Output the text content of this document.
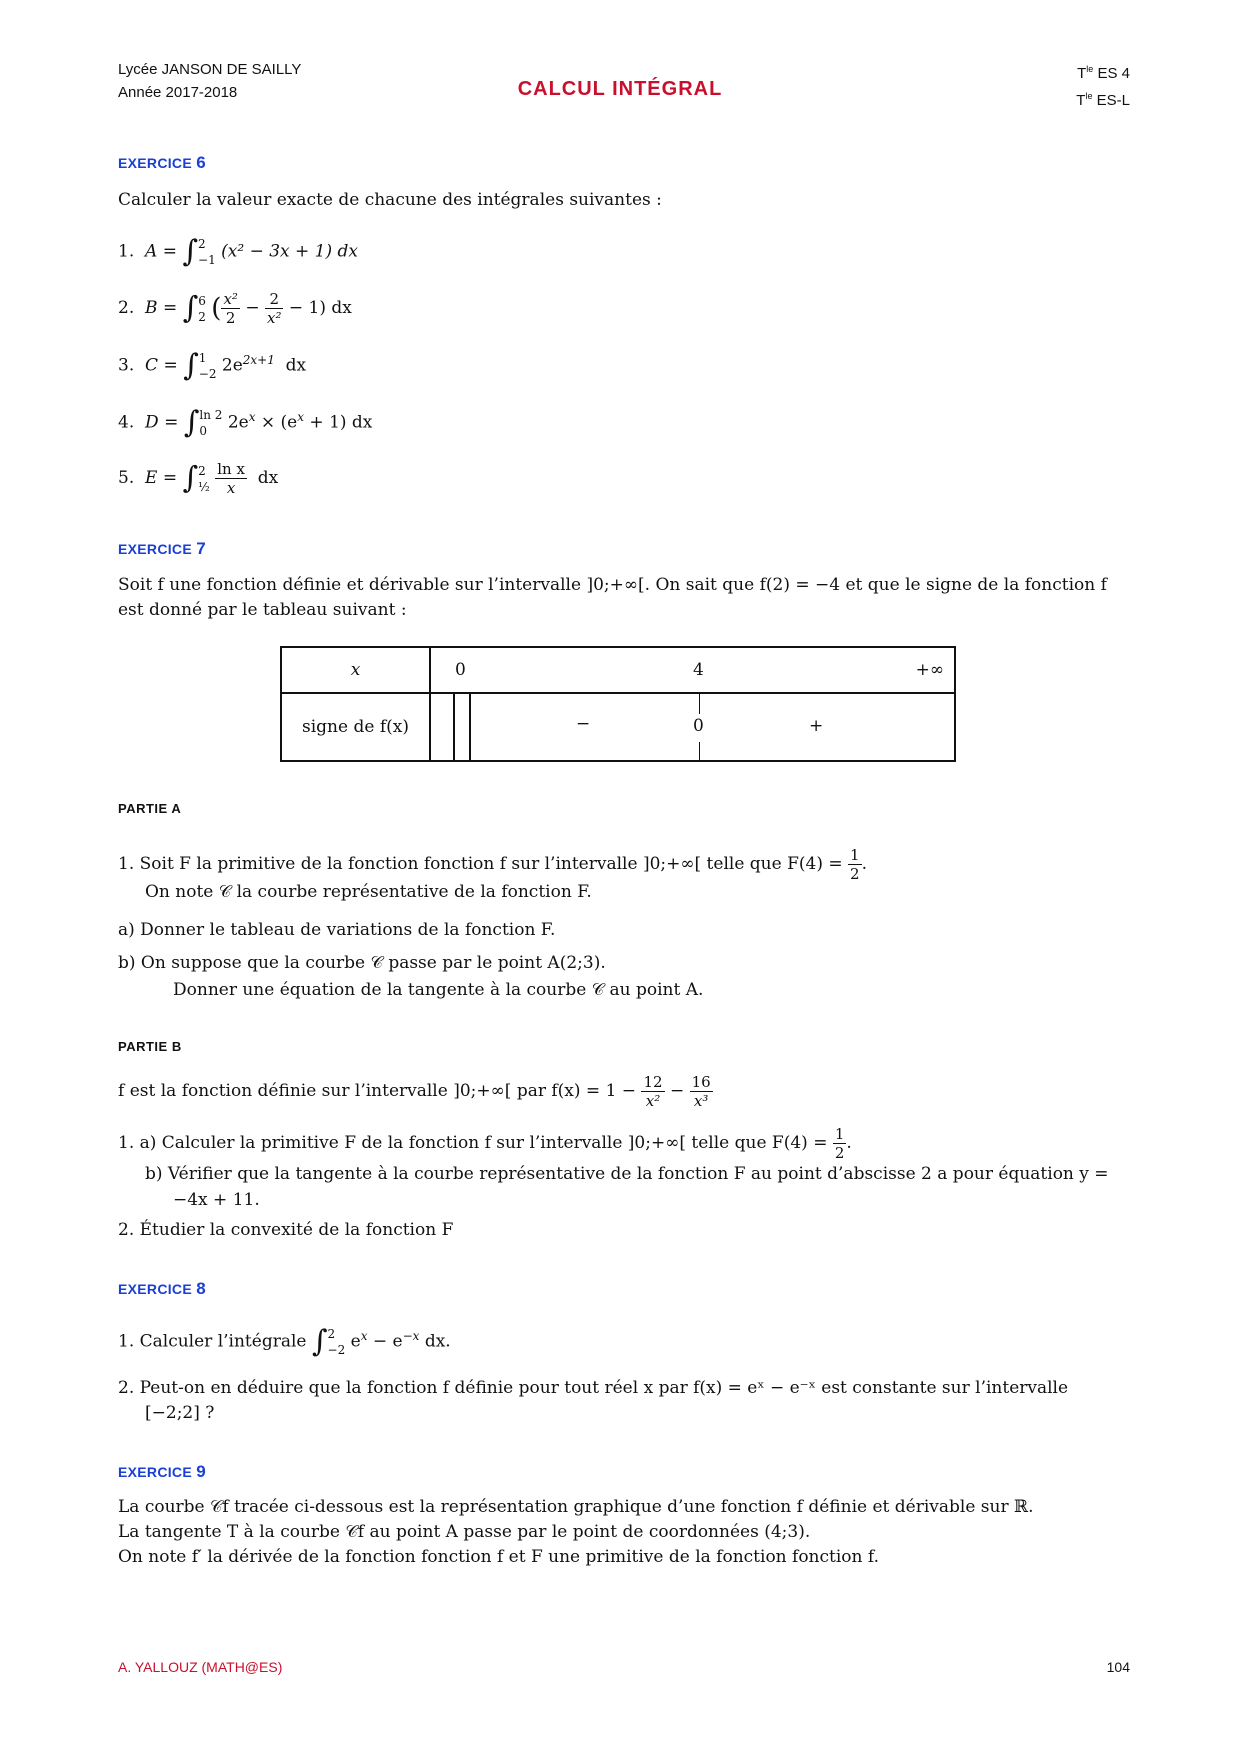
Lycée JANSON DE SAILLY
Année 2017-2018	CALCUL INTÉGRAL
$T^{le}$ ES 4
$T^{le}$ ES-L
EXERCICE 6
Calculer la valeur exacte de chacune des intégrales suivantes :
1. A = ∫ 2
−1 (x² − 3x + 1) dx
2. B = ∫ 6
2 ( $\frac{\text{x²}}{2} - \frac{2}{\text{x²}} - 1$) dx
3. C = ∫ 1
−2 $2e^{2x+1}$ dx
4. D = ∫ ln 2
0	$2e^x \times (e^x + 1)$ dx
5. E = ∫ 2
½
$\frac{\text{ln x}}{x}$ dx
EXERCICE 7
Soit f une fonction définie et dérivable sur l’intervalle ]0;+∞[. On sait que f(2) = −4 et que le signe de la fonction f
est donné par le tableau suivant :
x	0 4 +∞

signe de f(x)	− 0 +
PARTIE A
1. Soit F la primitive de la fonction fonction f sur l’intervalle ]0;+∞[ telle que $F(4) = \frac{1}{2}$ .
On note 𝒞 la courbe représentative de la fonction F.
a) Donner le tableau de variations de la fonction F.
b) On suppose que la courbe 𝒞 passe par le point A(2;3).
Donner une équation de la tangente à la courbe 𝒞 au point A.
PARTIE B
f est la fonction définie sur l’intervalle ]0;+∞[ par $f(x) = 1 - \frac{12}{\text{x²}} - \frac{16}{\text{x³}}$
1. a) Calculer la primitive F de la fonction f sur l’intervalle ]0;+∞[ telle que $F(4) = \frac{1}{2}$ .
b) Vérifier que la tangente à la courbe représentative de la fonction F au point d’abscisse 2 a pour équation y =
−4x + 11.
2. Étudier la convexité de la fonction F
EXERCICE 8
1. Calculer l’intégrale ∫ 2
−2 $e^x - e^{-x}$ dx.
2. Peut-on en déduire que la fonction f définie pour tout réel x par f(x) = eˣ − e⁻ˣ est constante sur l’intervalle
[−2;2] ?
EXERCICE 9
La courbe 𝒞f tracée ci-dessous est la représentation graphique d’une fonction f définie et dérivable sur ℝ.
La tangente T à la courbe 𝒞f au point A passe par le point de coordonnées (4;3).
On note f′ la dérivée de la fonction fonction f et F une primitive de la fonction fonction f.
A. YALLOUZ (MATH@ES)	104
